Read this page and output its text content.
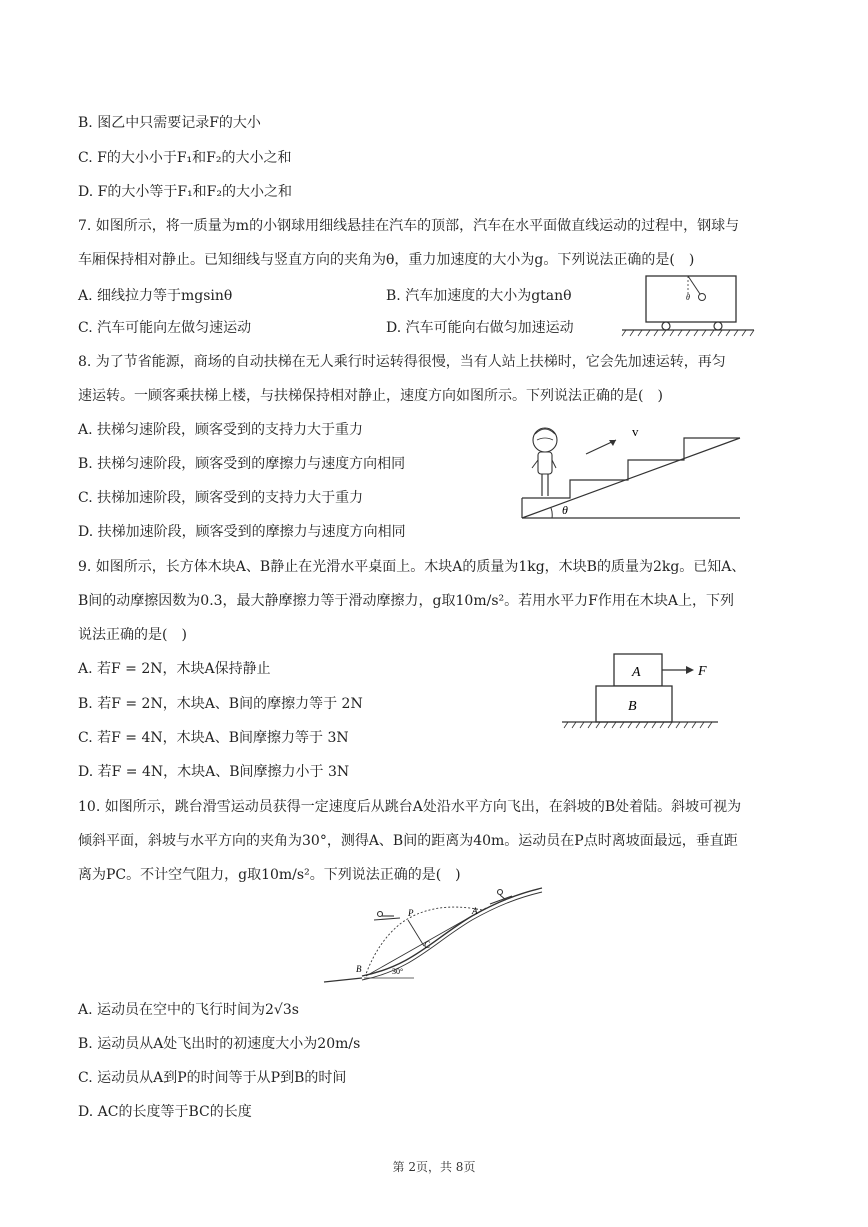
B. 图乙中只需要记录F的大小
C. F的大小小于F₁和F₂的大小之和
D. F的大小等于F₁和F₂的大小之和
7. 如图所示，将一质量为m的小钢球用细线悬挂在汽车的顶部，汽车在水平面做直线运动的过程中，钢球与
车厢保持相对静止。已知细线与竖直方向的夹角为θ，重力加速度的大小为g。下列说法正确的是(　)
A. 细线拉力等于mgsinθ	B. 汽车加速度的大小为gtanθ
C. 汽车可能向左做匀速运动	D. 汽车可能向右做匀加速运动
8. 为了节省能源，商场的自动扶梯在无人乘行时运转得很慢，当有人站上扶梯时，它会先加速运转，再匀
速运转。一顾客乘扶梯上楼，与扶梯保持相对静止，速度方向如图所示。下列说法正确的是(　)
A. 扶梯匀速阶段，顾客受到的支持力大于重力
B. 扶梯匀速阶段，顾客受到的摩擦力与速度方向相同
C. 扶梯加速阶段，顾客受到的支持力大于重力
D. 扶梯加速阶段，顾客受到的摩擦力与速度方向相同
9. 如图所示，长方体木块A、B静止在光滑水平桌面上。木块A的质量为1kg，木块B的质量为2kg。已知A、
B间的动摩擦因数为0.3，最大静摩擦力等于滑动摩擦力，g取10m/s²。若用水平力F作用在木块A上，下列
说法正确的是(　)
A. 若F = 2N，木块A保持静止
B. 若F = 2N，木块A、B间的摩擦力等于 2N
C. 若F = 4N，木块A、B间摩擦力等于 3N
D. 若F = 4N，木块A、B间摩擦力小于 3N
10. 如图所示，跳台滑雪运动员获得一定速度后从跳台A处沿水平方向飞出，在斜坡的B处着陆。斜坡可视为
倾斜平面，斜坡与水平方向的夹角为30°，测得A、B间的距离为40m。运动员在P点时离坡面最远，垂直距
离为PC。不计空气阻力，g取10m/s²。下列说法正确的是(　)
A. 运动员在空中的飞行时间为2√3s
B. 运动员从A处飞出时的初速度大小为20m/s
C. 运动员从A到P的时间等于从P到B的时间
D. AC的长度等于BC的长度
θ
θ
v
A
B
F
A
B
P
C
30°
第 2页，共 8页
